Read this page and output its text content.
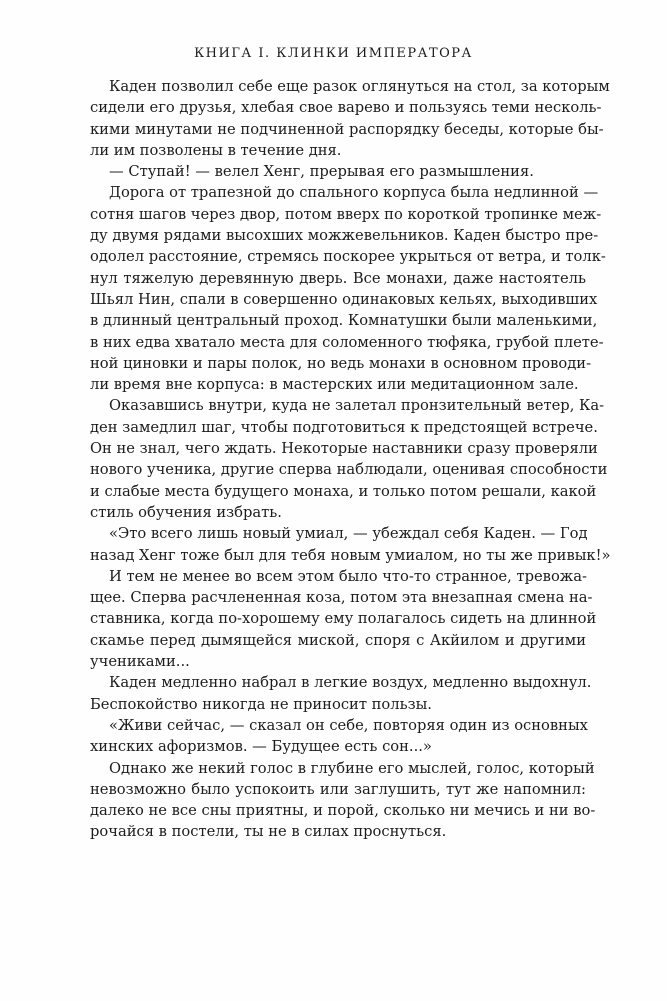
КНИГА I. КЛИНКИ ИМПЕРАТОРА
Каден позволил себе еще разок оглянуться на стол, за которым
сидели его друзья, хлебая свое варево и пользуясь теми несколь-
кими минутами не подчиненной распорядку беседы, которые бы-
ли им позволены в течение дня.
— Ступай! — велел Хенг, прерывая его размышления.
Дорога от трапезной до спального корпуса была недлинной —
сотня шагов через двор, потом вверх по короткой тропинке меж-
ду двумя рядами высохших можжевельников. Каден быстро пре-
одолел расстояние, стремясь поскорее укрыться от ветра, и толк-
нул тяжелую деревянную дверь. Все монахи, даже настоятель
Шьял Нин, спали в совершенно одинаковых кельях, выходивших
в длинный центральный проход. Комнатушки были маленькими,
в них едва хватало места для соломенного тюфяка, грубой плете-
ной циновки и пары полок, но ведь монахи в основном проводи-
ли время вне корпуса: в мастерских или медитационном зале.
Оказавшись внутри, куда не залетал пронзительный ветер, Ка-
ден замедлил шаг, чтобы подготовиться к предстоящей встрече.
Он не знал, чего ждать. Некоторые наставники сразу проверяли
нового ученика, другие сперва наблюдали, оценивая способности
и слабые места будущего монаха, и только потом решали, какой
стиль обучения избрать.
«Это всего лишь новый умиал, — убеждал себя Каден. — Год
назад Хенг тоже был для тебя новым умиалом, но ты же привык!»
И тем не менее во всем этом было что-то странное, тревожа-
щее. Сперва расчлененная коза, потом эта внезапная смена на-
ставника, когда по-хорошему ему полагалось сидеть на длинной
скамье перед дымящейся миской, споря с Акйилом и другими
учениками...
Каден медленно набрал в легкие воздух, медленно выдохнул.
Беспокойство никогда не приносит пользы.
«Живи сейчас, — сказал он себе, повторяя один из основных
хинских афоризмов. — Будущее есть сон...»
Однако же некий голос в глубине его мыслей, голос, который
невозможно было успокоить или заглушить, тут же напомнил:
далеко не все сны приятны, и порой, сколько ни мечись и ни во-
рочайся в постели, ты не в силах проснуться.
